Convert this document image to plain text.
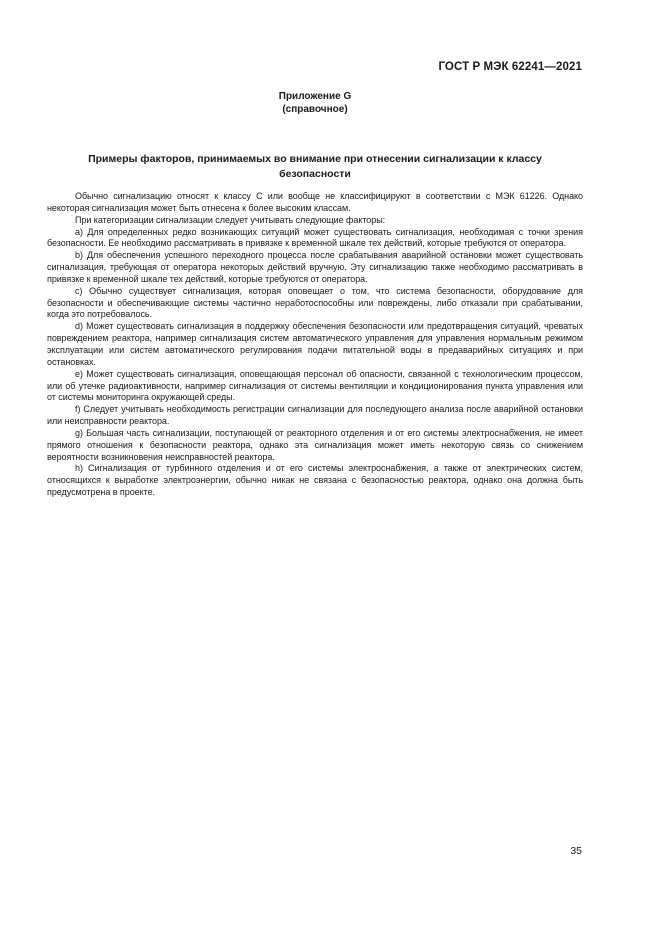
ГОСТ Р МЭК 62241—2021
Приложение G
(справочное)
Примеры факторов, принимаемых во внимание при отнесении сигнализации к классу безопасности

Обычно сигнализацию относят к классу С или вообще не классифицируют в соответствии с МЭК 61226. Однако некоторая сигнализация может быть отнесена к более высоким классам.

При категоризации сигнализации следует учитывать следующие факторы:

a) Для определенных редко возникающих ситуаций может существовать сигнализация, необходимая с точки зрения безопасности. Ее необходимо рассматривать в привязке к временной шкале тех действий, которые требуются от оператора.

b) Для обеспечения успешного переходного процесса после срабатывания аварийной остановки может существовать сигнализация, требующая от оператора некоторых действий вручную. Эту сигнализацию также необходимо рассматривать в привязке к временной шкале тех действий, которые требуются от оператора.

c) Обычно существует сигнализация, которая оповещает о том, что система безопасности, оборудование для безопасности и обеспечивающие системы частично неработоспособны или повреждены, либо отказали при срабатывании, когда это потребовалось.

d) Может существовать сигнализация в поддержку обеспечения безопасности или предотвращения ситуаций, чреватых повреждением реактора, например сигнализация систем автоматического управления для управления нормальным режимом эксплуатации или систем автоматического регулирования подачи питательной воды в предаварийных ситуациях и при остановках.

e) Может существовать сигнализация, оповещающая персонал об опасности, связанной с технологическим процессом, или об утечке радиоактивности, например сигнализация от системы вентиляции и кондиционирования пункта управления или от системы мониторинга окружающей среды.

f) Следует учитывать необходимость регистрации сигнализации для последующего анализа после аварийной остановки или неисправности реактора.

g) Большая часть сигнализации, поступающей от реакторного отделения и от его системы электроснабжения, не имеет прямого отношения к безопасности реактора, однако эта сигнализация может иметь некоторую связь со снижением вероятности возникновения неисправностей реактора.

h) Сигнализация от турбинного отделения и от его системы электроснабжения, а также от электрических систем, относящихся к выработке электроэнергии, обычно никак не связана с безопасностью реактора, однако она должна быть предусмотрена в проекте.

35
